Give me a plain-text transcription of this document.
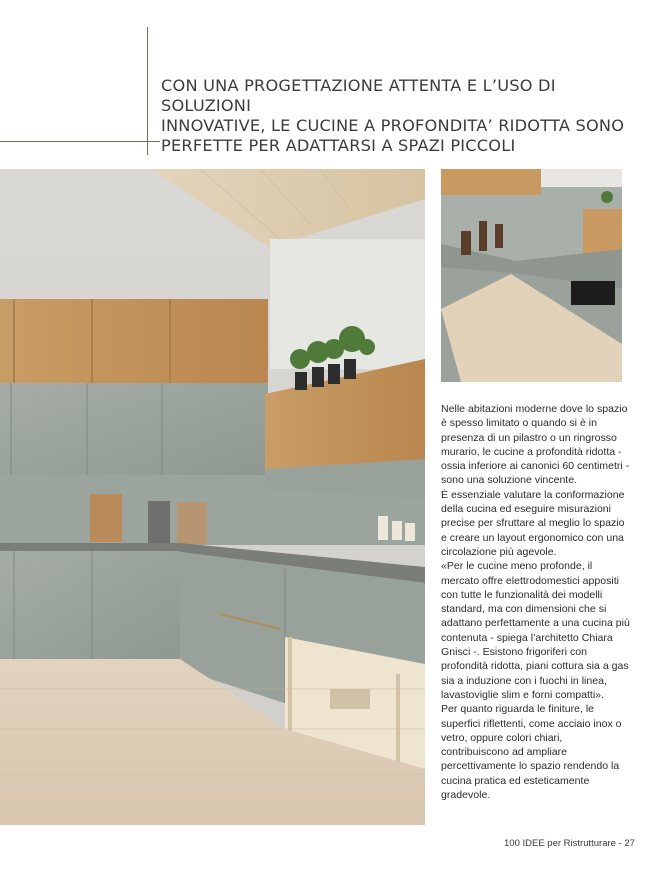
CON UNA PROGETTAZIONE ATTENTA E L’USO DI SOLUZIONI
INNOVATIVE, LE CUCINE A PROFONDITA’ RIDOTTA SONO
PERFETTE PER ADATTARSI A SPAZI PICCOLI

Nelle abitazioni moderne dove lo spazio è spesso limitato o quando si è in presenza di un pilastro o un ringrosso murario, le cucine a profondità ridotta - ossia inferiore ai canonici 60 centimetri - sono una soluzione vincente.

È essenziale valutare la conformazione della cucina ed eseguire misurazioni precise per sfruttare al meglio lo spazio e creare un layout ergonomico con una circolazione più agevole.

«Per le cucine meno profonde, il mercato offre elettrodomestici appositi con tutte le funzionalità dei modelli standard, ma con dimensioni che si adattano perfettamente a una cucina più contenuta - spiega l’architetto Chiara Gnisci -. Esistono frigoriferi con profondità ridotta, piani cottura sia a gas sia a induzione con i fuochi in linea, lavastoviglie slim e forni compatti».

Per quanto riguarda le finiture, le superfici riflettenti, come acciaio inox o vetro, oppure colori chiari, contribuiscono ad ampliare percettivamente lo spazio rendendo la cucina pratica ed esteticamente gradevole.

100 IDEE per Ristrutturare - 27
